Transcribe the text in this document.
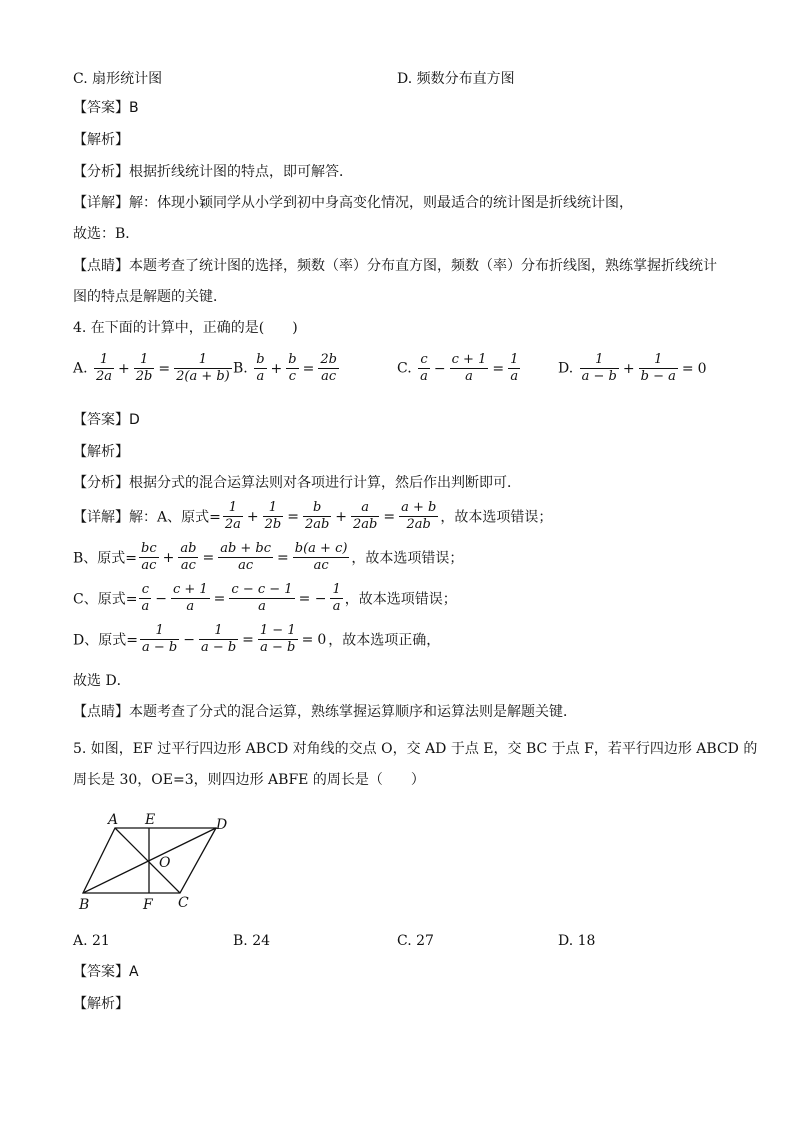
C. 扇形统计图	D. 频数分布直方图
【答案】B
【解析】
【分析】根据折线统计图的特点，即可解答．
【详解】解：体现小颖同学从小学到初中身高变化情况，则最适合的统计图是折线统计图，
故选：B．
【点睛】本题考查了统计图的选择，频数（率）分布直方图，频数（率）分布折线图，熟练掌握折线统计
图的特点是解题的关键．
4. 在下面的计算中，正确的是(　　)
A. $\frac{1}{2a} + \frac{1}{2b} = \frac{1}{2(a + b)} B$. $\frac{b}{a} + \frac{b}{c} = \frac{2b}{ac}$	C. $\frac{c}{a} - \frac{c + 1}{a} = \frac{1}{a}$	D. $\frac{1}{a - b} + \frac{1}{b - a} = 0$
【答案】D
【解析】
【分析】根据分式的混合运算法则对各项进行计算，然后作出判断即可．
【详解】解：A、原式= $\frac{1}{2a} + \frac{1}{2b} = \frac{b}{2ab} + \frac{a}{2ab} = \frac{a + b}{2ab}$ ，故本选项错误；
B、原式= $\frac{bc}{ac} + \frac{ab}{ac} = \frac{ab + bc}{ac} = \frac{b(a + c)}{ac}$ ，故本选项错误；
C、原式= $\frac{c}{a} - \frac{c + 1}{a} = \frac{c - c - 1}{a}$ = − $\frac{1}{a}$ ，故本选项错误；
D、原式= $\frac{1}{a - b} - \frac{1}{a - b} = \frac{1 - 1}{a - b} = 0$ ，故本选项正确，
故选 D．
【点睛】本题考查了分式的混合运算，熟练掌握运算顺序和运算法则是解题关键．
5. 如图，EF 过平行四边形 ABCD 对角线的交点 O，交 AD 于点 E，交 BC 于点 F，若平行四边形 ABCD 的
周长是 30，OE=3，则四边形 ABFE 的周长是（　　）
A E	D
O
B	F C
A. 21	B. 24	C. 27	D. 18
【答案】A
【解析】
